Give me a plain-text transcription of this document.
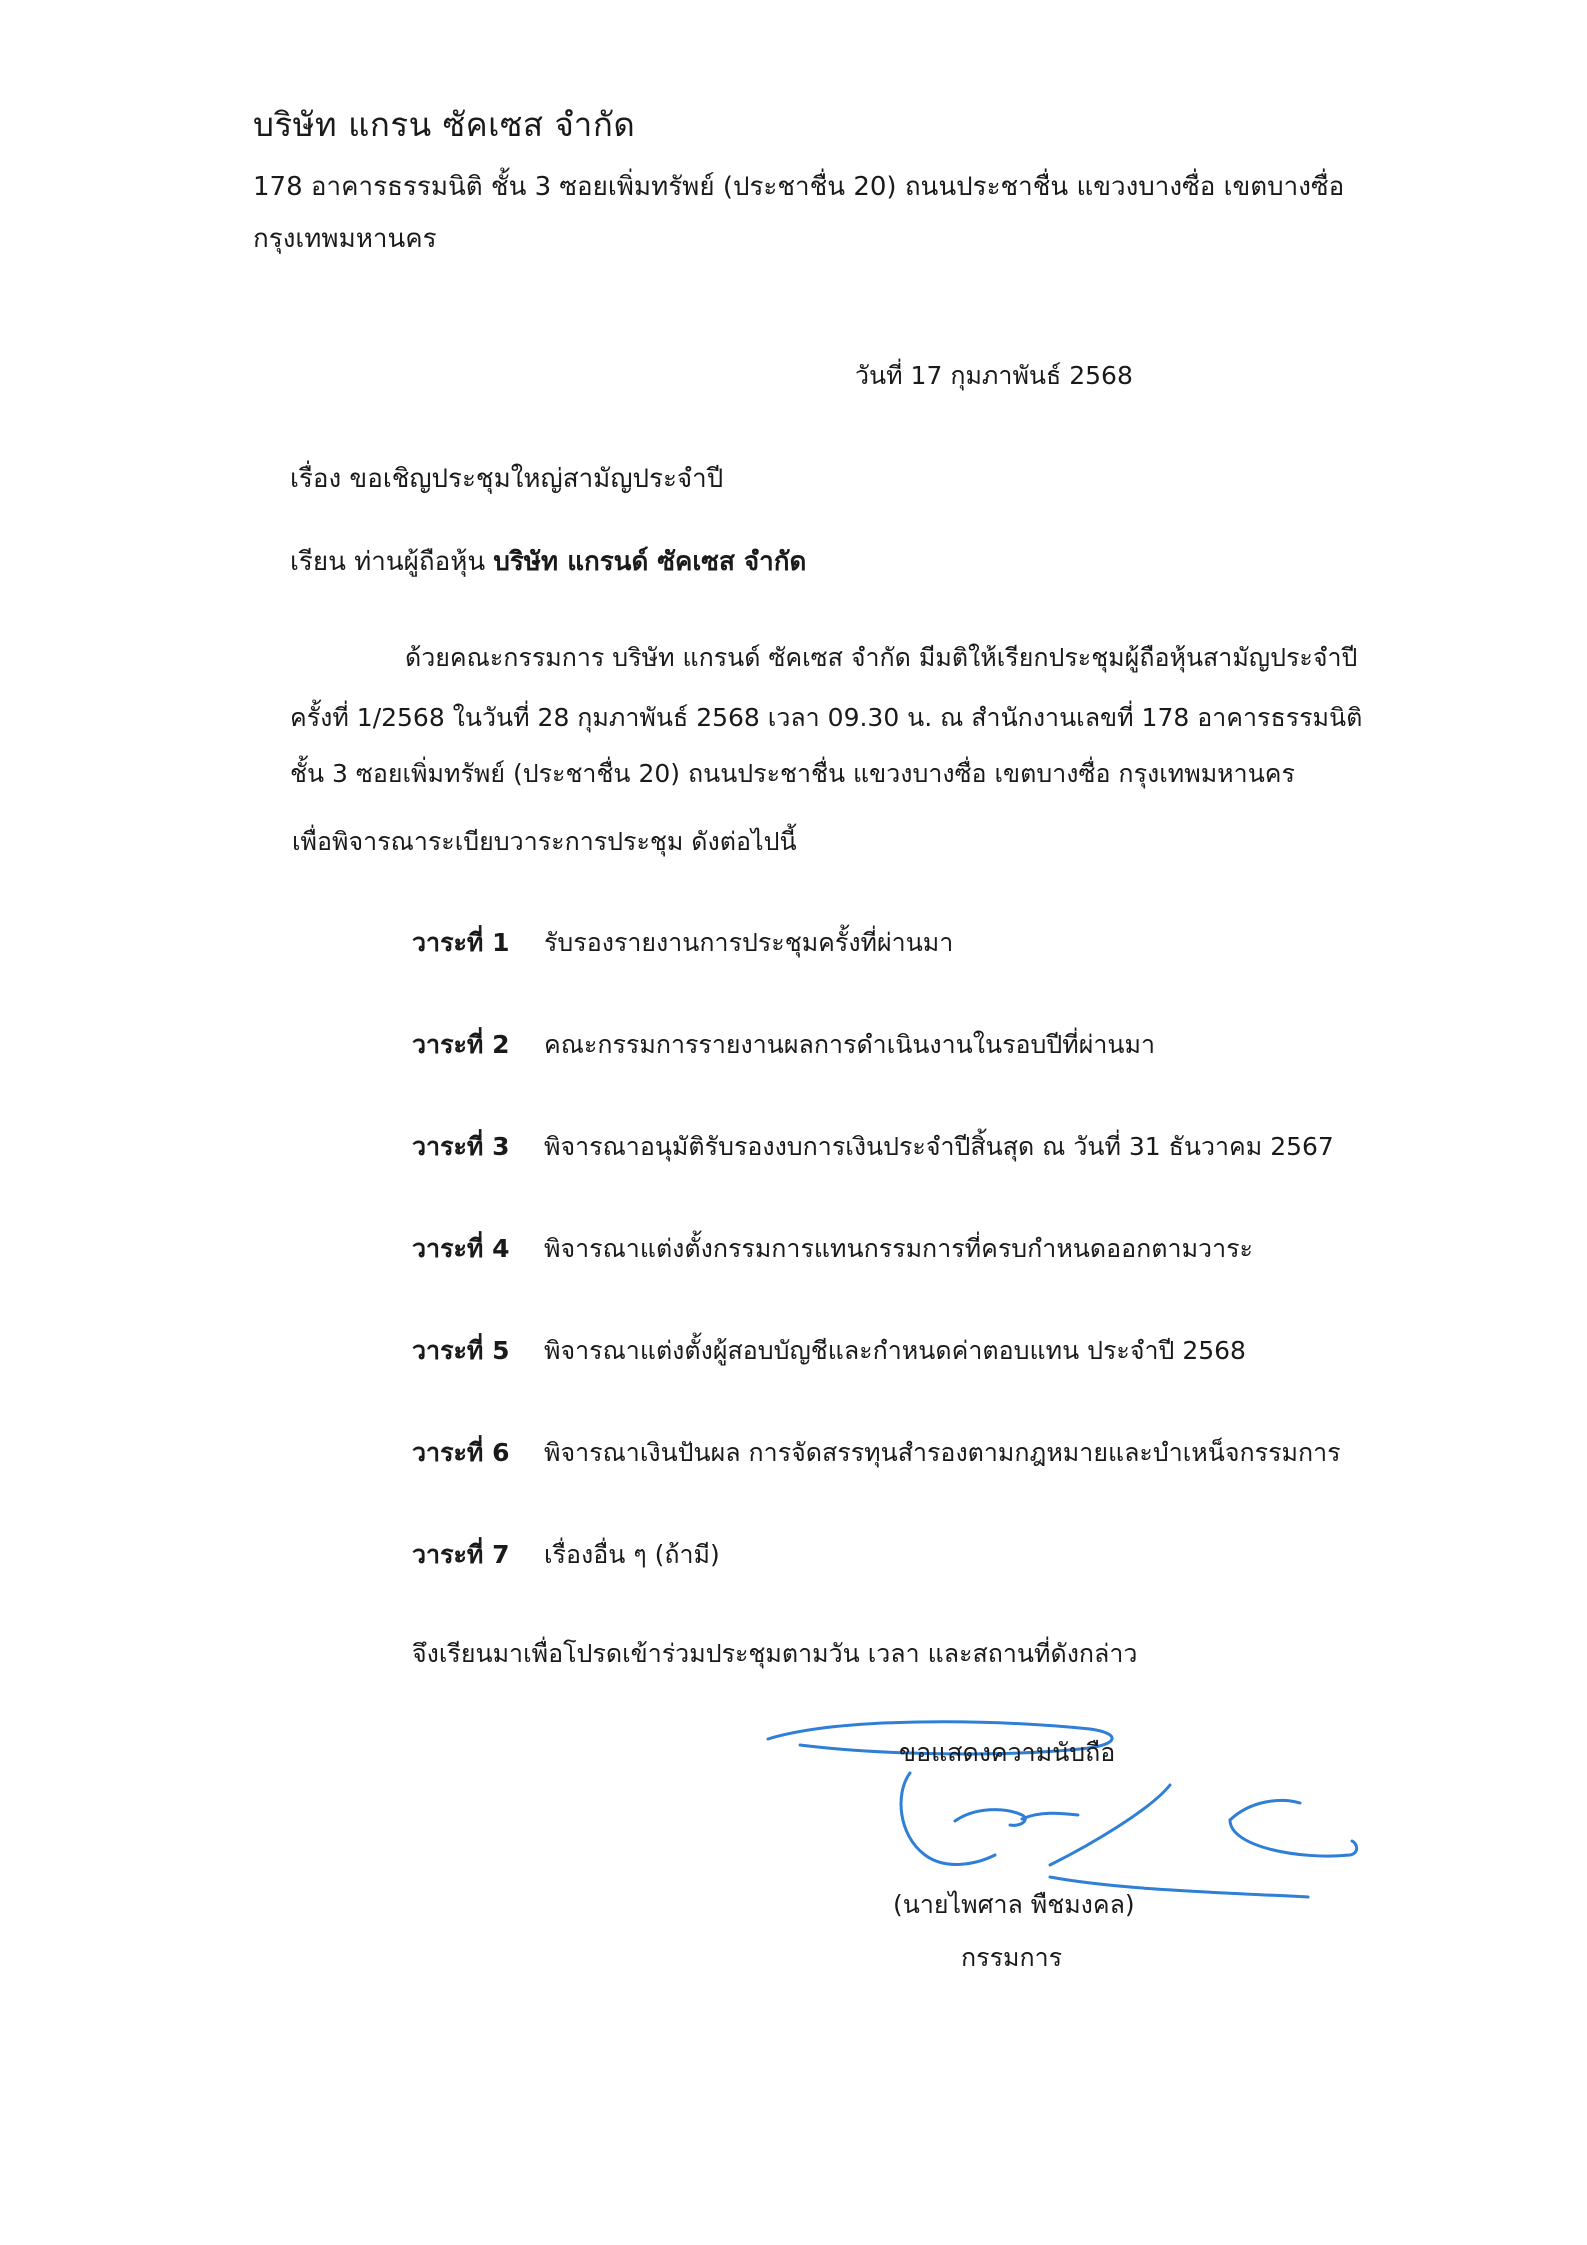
บริษัท แกรน ซัคเซส จำกัด
178 อาคารธรรมนิติ ชั้น 3 ซอยเพิ่มทรัพย์ (ประชาชื่น 20) ถนนประชาชื่น แขวงบางซื่อ เขตบางซื่อ
กรุงเทพมหานคร
วันที่ 17 กุมภาพันธ์ 2568
เรื่อง ขอเชิญประชุมใหญ่สามัญประจำปี
เรียน ท่านผู้ถือหุ้น บริษัท แกรนด์ ซัคเซส จำกัด
ด้วยคณะกรรมการ บริษัท แกรนด์ ซัคเซส จำกัด มีมติให้เรียกประชุมผู้ถือหุ้นสามัญประจำปี
ครั้งที่ 1/2568 ในวันที่ 28 กุมภาพันธ์ 2568 เวลา 09.30 น. ณ สำนักงานเลขที่ 178 อาคารธรรมนิติ
ชั้น 3 ซอยเพิ่มทรัพย์ (ประชาชื่น 20) ถนนประชาชื่น แขวงบางซื่อ เขตบางซื่อ กรุงเทพมหานคร
เพื่อพิจารณาระเบียบวาระการประชุม ดังต่อไปนี้
วาระที่ 1 รับรองรายงานการประชุมครั้งที่ผ่านมา
วาระที่ 2 คณะกรรมการรายงานผลการดำเนินงานในรอบปีที่ผ่านมา
วาระที่ 3 พิจารณาอนุมัติรับรองงบการเงินประจำปีสิ้นสุด ณ วันที่ 31 ธันวาคม 2567
วาระที่ 4 พิจารณาแต่งตั้งกรรมการแทนกรรมการที่ครบกำหนดออกตามวาระ
วาระที่ 5 พิจารณาแต่งตั้งผู้สอบบัญชีและกำหนดค่าตอบแทน ประจำปี 2568
วาระที่ 6 พิจารณาเงินปันผล การจัดสรรทุนสำรองตามกฎหมายและบำเหน็จกรรมการ
วาระที่ 7 เรื่องอื่น ๆ (ถ้ามี)
จึงเรียนมาเพื่อโปรดเข้าร่วมประชุมตามวัน เวลา และสถานที่ดังกล่าว
ขอแสดงความนับถือ
(นายไพศาล พืชมงคล)
กรรมการ
